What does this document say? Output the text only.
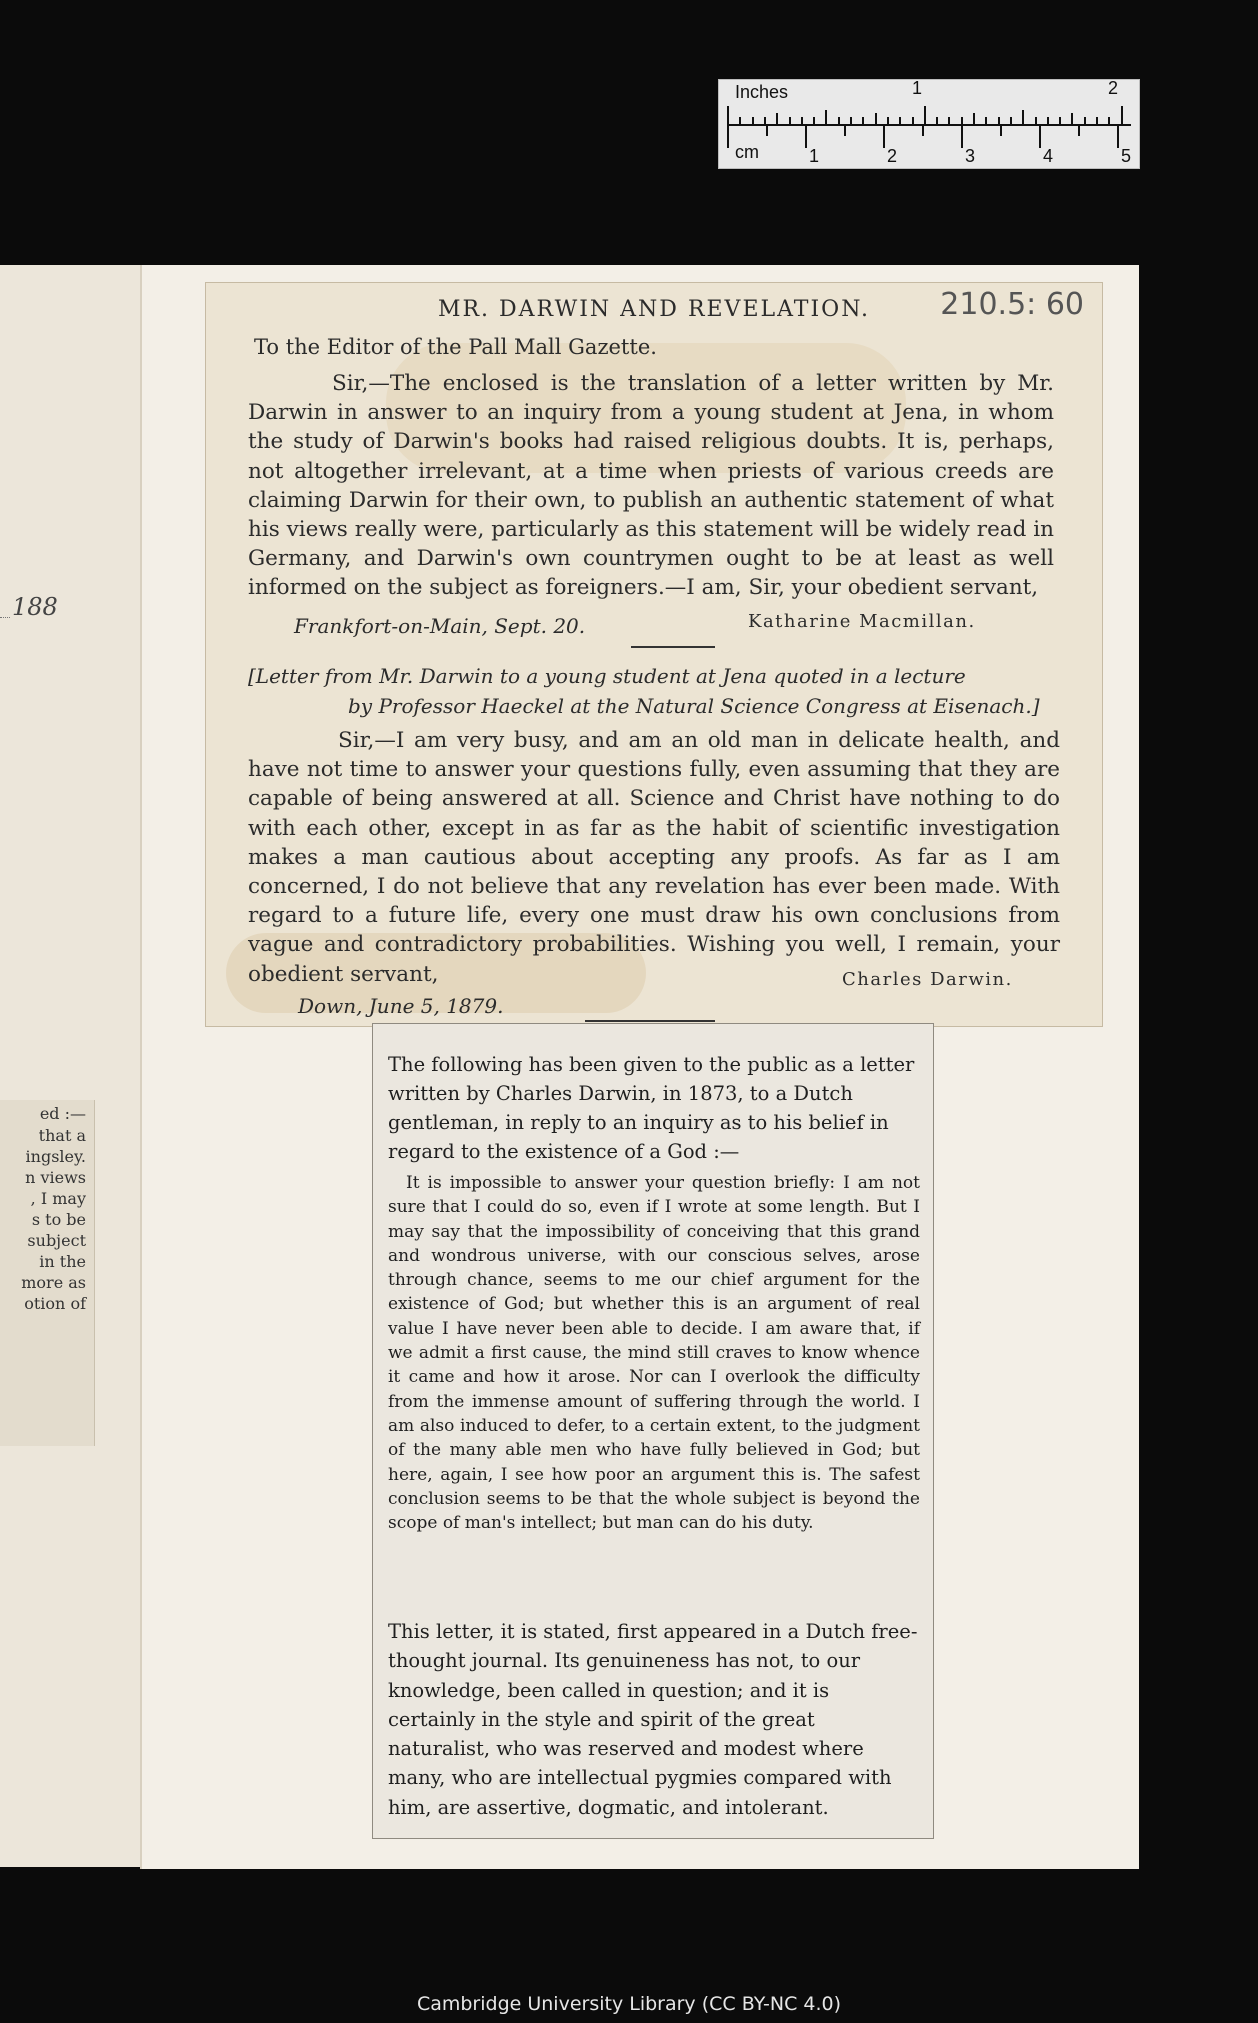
Inches	1	2
cm	1	2	3	4	5
188
ed :—
that a
ingsley.
n views
, I may
s to be
subject
in the
more as
otion of
210.5: 60
MR. DARWIN AND REVELATION.
To the Editor of the Pall Mall Gazette.
Sir,—The enclosed is the translation of a letter written by Mr. Darwin in answer to an inquiry from a young student at Jena, in whom the study of Darwin's books had raised religious doubts. It is, perhaps, not altogether irrelevant, at a time when priests of various creeds are claiming Darwin for their own, to publish an authentic statement of what his views really were, particularly as this statement will be widely read in Germany, and Darwin's own countrymen ought to be at least as well informed on the subject as foreigners.—I am, Sir, your obedient servant,
Frankfort-on-Main, Sept. 20.	Katharine Macmillan.
[Letter from Mr. Darwin to a young student at Jena quoted in a lecture
by Professor Haeckel at the Natural Science Congress at Eisenach.]
Sir,—I am very busy, and am an old man in delicate health, and have not time to answer your questions fully, even assuming that they are capable of being answered at all. Science and Christ have nothing to do with each other, except in as far as the habit of scientific investigation makes a man cautious about accepting any proofs. As far as I am concerned, I do not believe that any revelation has ever been made. With regard to a future life, every one must draw his own conclusions from vague and contradictory probabilities. Wishing you well, I remain, your obedient servant,	Charles Darwin.
Down, June 5, 1879.
The following has been given to the public as a letter written by Charles Darwin, in 1873, to a Dutch gentleman, in reply to an inquiry as to his belief in regard to the existence of a God :—
It is impossible to answer your question briefly: I am not sure that I could do so, even if I wrote at some length. But I may say that the impossibility of conceiving that this grand and wondrous universe, with our conscious selves, arose through chance, seems to me our chief argument for the existence of God; but whether this is an argument of real value I have never been able to decide. I am aware that, if we admit a first cause, the mind still craves to know whence it came and how it arose. Nor can I overlook the difficulty from the immense amount of suffering through the world. I am also induced to defer, to a certain extent, to the judgment of the many able men who have fully believed in God; but here, again, I see how poor an argument this is. The safest conclusion seems to be that the whole subject is beyond the scope of man's intellect; but man can do his duty.
This letter, it is stated, first appeared in a Dutch free-thought journal. Its genuineness has not, to our knowledge, been called in question; and it is certainly in the style and spirit of the great naturalist, who was reserved and modest where many, who are intellectual pygmies compared with him, are assertive, dogmatic, and intolerant.
Cambridge University Library (CC BY-NC 4.0)
